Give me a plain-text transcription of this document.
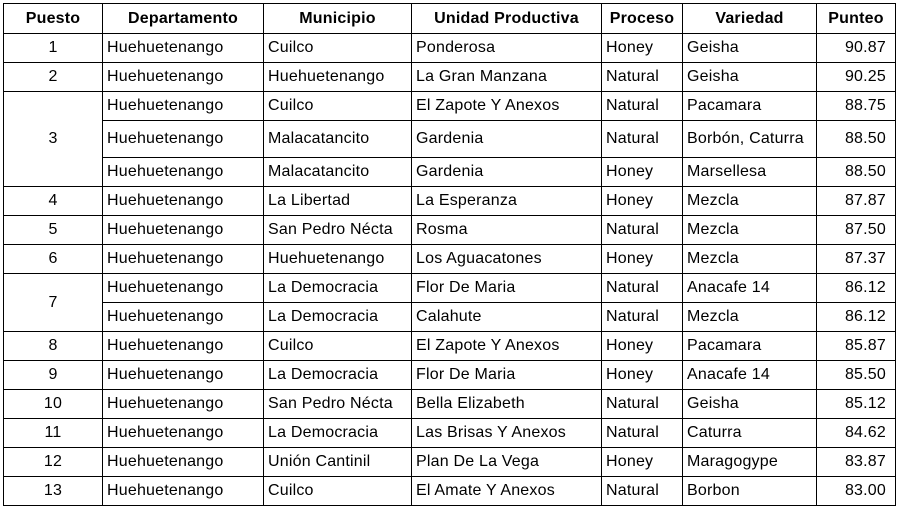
Puesto	Departamento	Municipio	Unidad Productiva	Proceso	Variedad	Punteo
1	Huehuetenango	Cuilco	Ponderosa	Honey	Geisha	90.87
2	Huehuetenango	Huehuetenango	La Gran Manzana	Natural	Geisha	90.25
3	Huehuetenango	Cuilco	El Zapote Y Anexos	Natural	Pacamara	88.75
	Huehuetenango	Malacatancito	Gardenia	Natural	Borbón, Caturra	88.50
	Huehuetenango	Malacatancito	Gardenia	Honey	Marsellesa	88.50
4	Huehuetenango	La Libertad	La Esperanza	Honey	Mezcla	87.87
5	Huehuetenango	San Pedro Nécta	Rosma	Natural	Mezcla	87.50
6	Huehuetenango	Huehuetenango	Los Aguacatones	Honey	Mezcla	87.37
7	Huehuetenango	La Democracia	Flor De Maria	Natural	Anacafe 14	86.12
	Huehuetenango	La Democracia	Calahute	Natural	Mezcla	86.12
8	Huehuetenango	Cuilco	El Zapote Y Anexos	Honey	Pacamara	85.87
9	Huehuetenango	La Democracia	Flor De Maria	Honey	Anacafe 14	85.50
10	Huehuetenango	San Pedro Nécta	Bella Elizabeth	Natural	Geisha	85.12
11	Huehuetenango	La Democracia	Las Brisas Y Anexos	Natural	Caturra	84.62
12	Huehuetenango	Unión Cantinil	Plan De La Vega	Honey	Maragogype	83.87
13	Huehuetenango	Cuilco	El Amate Y Anexos	Natural	Borbon	83.00
